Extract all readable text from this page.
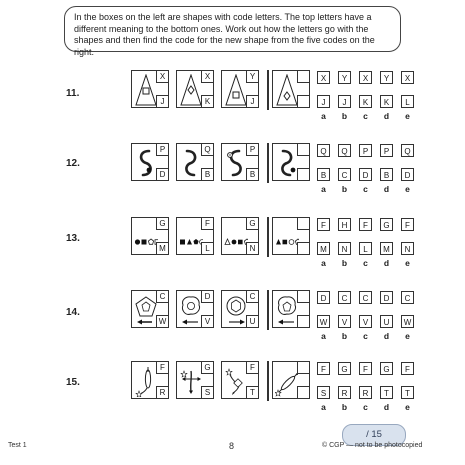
In the boxes on the left are shapes with code letters. The top letters have a different meaning to the bottom ones. Work out how the letters go with the shapes and then find the code for the new shape from the five codes on the right.
11.
X
J
X
K
Y
J
X
J
a
Y
J
b
X
K
c
Y
K
d
X
L
e
12.
P
D
Q
B
P
B
Q
B
a
Q
C
b
P
D
c
P
B
d
Q
D
e
13.
G
M
F
L
G
N
F
M
a
H
N
b
F
L
c
G
M
d
F
N
e
14.
C
W
D
V
C
U
D
W
a
C
V
b
C
V
c
D
U
d
C
W
e
15.
F
R
G
S
F
T
F
S
a
G
R
b
F
R
c
G
T
d
F
T
e
/ 15
Test 1	8	© CGP — not to be photocopied
